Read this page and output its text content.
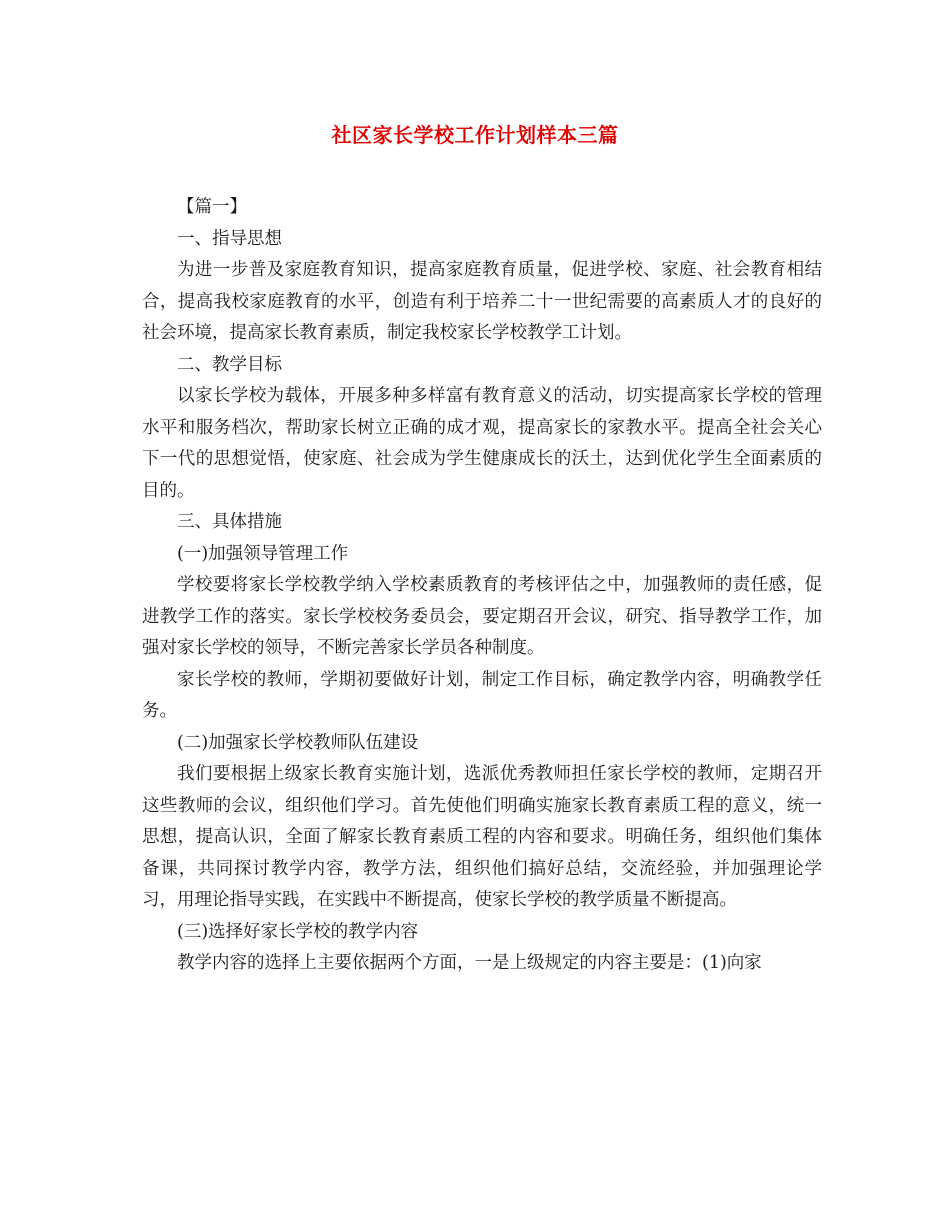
社区家长学校工作计划样本三篇

【篇一】

一、指导思想

为进一步普及家庭教育知识，提高家庭教育质量，促进学校、家庭、社会教育相结合，提高我校家庭教育的水平，创造有利于培养二十一世纪需要的高素质人才的良好的社会环境，提高家长教育素质，制定我校家长学校教学工计划。

二、教学目标

以家长学校为载体，开展多种多样富有教育意义的活动，切实提高家长学校的管理水平和服务档次，帮助家长树立正确的成才观，提高家长的家教水平。提高全社会关心下一代的思想觉悟，使家庭、社会成为学生健康成长的沃土，达到优化学生全面素质的目的。

三、具体措施

(一)加强领导管理工作

学校要将家长学校教学纳入学校素质教育的考核评估之中，加强教师的责任感，促进教学工作的落实。家长学校校务委员会，要定期召开会议，研究、指导教学工作，加强对家长学校的领导，不断完善家长学员各种制度。

家长学校的教师，学期初要做好计划，制定工作目标，确定教学内容，明确教学任务。

(二)加强家长学校教师队伍建设

我们要根据上级家长教育实施计划，选派优秀教师担任家长学校的教师，定期召开这些教师的会议，组织他们学习。首先使他们明确实施家长教育素质工程的意义，统一思想，提高认识，全面了解家长教育素质工程的内容和要求。明确任务，组织他们集体备课，共同探讨教学内容，教学方法，组织他们搞好总结，交流经验，并加强理论学习，用理论指导实践，在实践中不断提高，使家长学校的教学质量不断提高。

(三)选择好家长学校的教学内容

教学内容的选择上主要依据两个方面，一是上级规定的内容主要是：(1)向家
